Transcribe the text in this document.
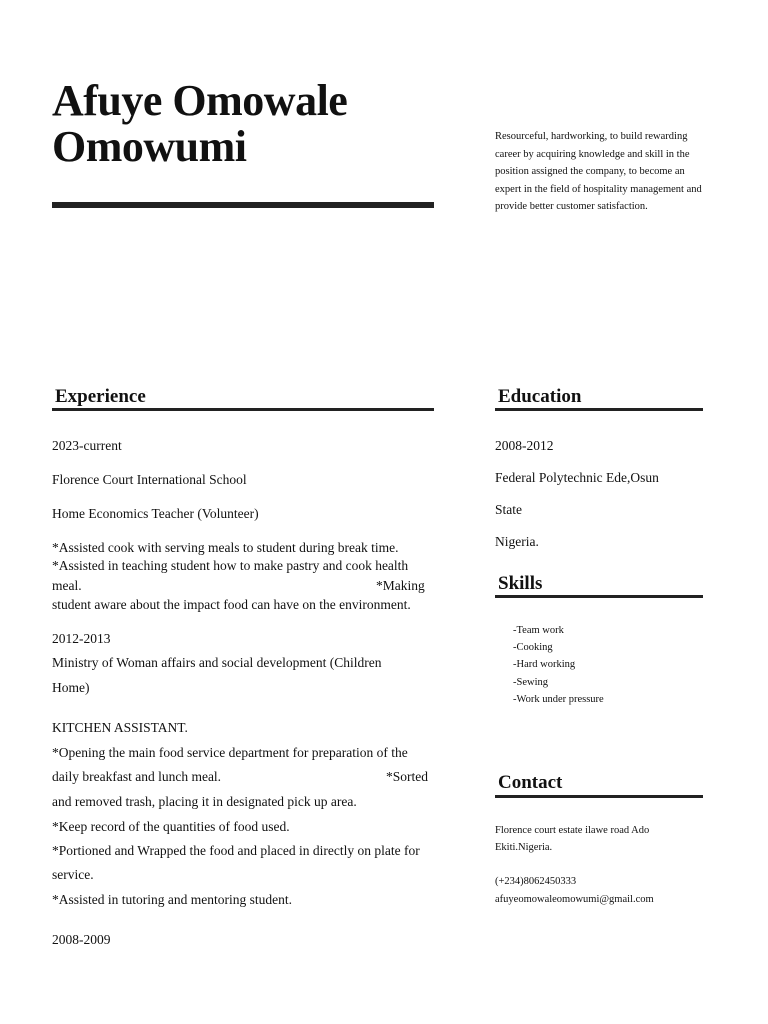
Afuye Omowale
Omowumi	Resourceful, hardworking, to build rewarding career by acquiring knowledge and skill in the position assigned the company, to become an expert in the field of hospitality management and provide better customer satisfaction.
Experience
2023-current
Florence Court International School
Home Economics Teacher (Volunteer)
*Assisted cook with serving meals to student during break time.
*Assisted in teaching student how to make pastry and cook health
meal.	*Making
student aware about the impact food can have on the environment.
2012-2013
Ministry of Woman affairs and social development (Children
Home)
KITCHEN ASSISTANT.
*Opening the main food service department for preparation of the
daily breakfast and lunch meal.	*Sorted
and removed trash, placing it in designated pick up area.
*Keep record of the quantities of food used.
*Portioned and Wrapped the food and placed in directly on plate for
service.
*Assisted in tutoring and mentoring student.
2008-2009
Education
2008-2012
Federal Polytechnic Ede,Osun
State
Nigeria.
Skills
-Team work
-Cooking
-Hard working
-Sewing
-Work under pressure
Contact
Florence court estate ilawe road Ado
Ekiti.Nigeria.
(+234)8062450333
afuyeomowaleomowumi@gmail.com
